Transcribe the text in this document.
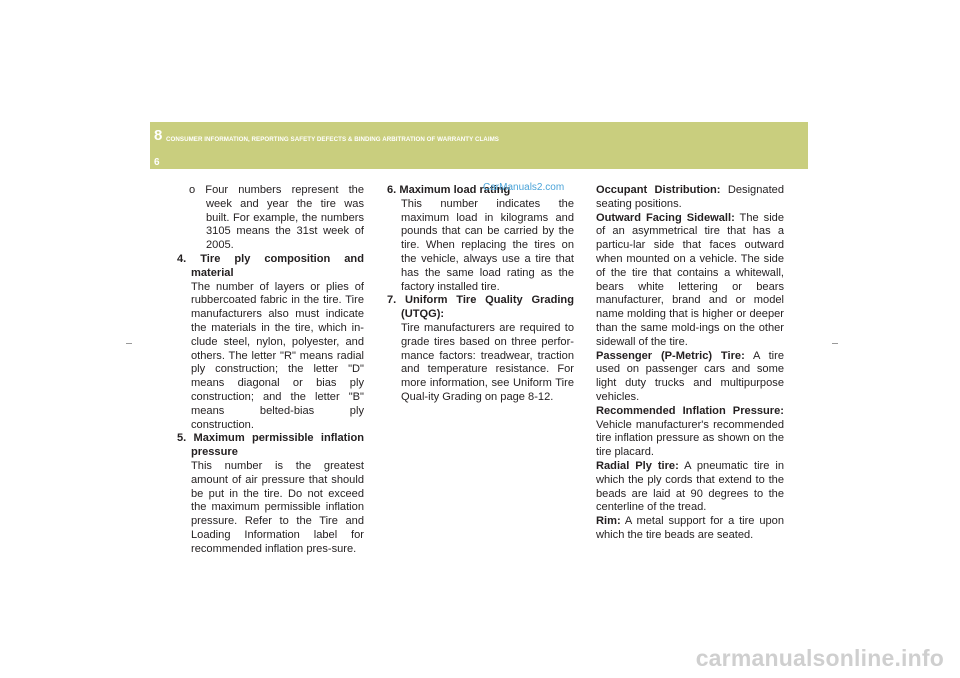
8 CONSUMER INFORMATION, REPORTING SAFETY DEFECTS & BINDING ARBITRATION OF WARRANTY CLAIMS
6

o Four numbers represent the week and year the tire was built. For example, the numbers 3105 means the 31st week of 2005.

4. Tire ply composition and material

The number of layers or plies of rubbercoated fabric in the tire. Tire manufacturers also must indicate the materials in the tire, which in-clude steel, nylon, polyester, and others. The letter "R" means radial ply construction; the letter "D" means diagonal or bias ply construction; and the letter "B" means belted-bias ply construction.

5. Maximum permissible inflation pressure

This number is the greatest amount of air pressure that should be put in the tire. Do not exceed the maximum permissible inflation pressure. Refer to the Tire and Loading Information label for recommended inflation pres-sure.

6. Maximum load rating

This number indicates the maximum load in kilograms and pounds that can be carried by the tire. When replacing the tires on the vehicle, always use a tire that has the same load rating as the factory installed tire.

7. Uniform Tire Quality Grading (UTQG):

Tire manufacturers are required to grade tires based on three perfor-mance factors: treadwear, traction and temperature resistance. For more information, see Uniform Tire Qual-ity Grading on page 8-12.

CarManuals2.com	Occupant Distribution: Designated seating positions.

Outward Facing Sidewall: The side of an asymmetrical tire that has a particu-lar side that faces outward when mounted on a vehicle. The side of the tire that contains a whitewall, bears white lettering or bears manufacturer, brand and or model name molding that is higher or deeper than the same mold-ings on the other sidewall of the tire.

Passenger (P-Metric) Tire: A tire used on passenger cars and some light duty trucks and multipurpose vehicles.

Recommended Inflation Pressure: Vehicle manufacturer's recommended tire inflation pressure as shown on the tire placard.

Radial Ply tire: A pneumatic tire in which the ply cords that extend to the beads are laid at 90 degrees to the centerline of the tread.

Rim: A metal support for a tire upon which the tire beads are seated.

carmanualsonline.info
